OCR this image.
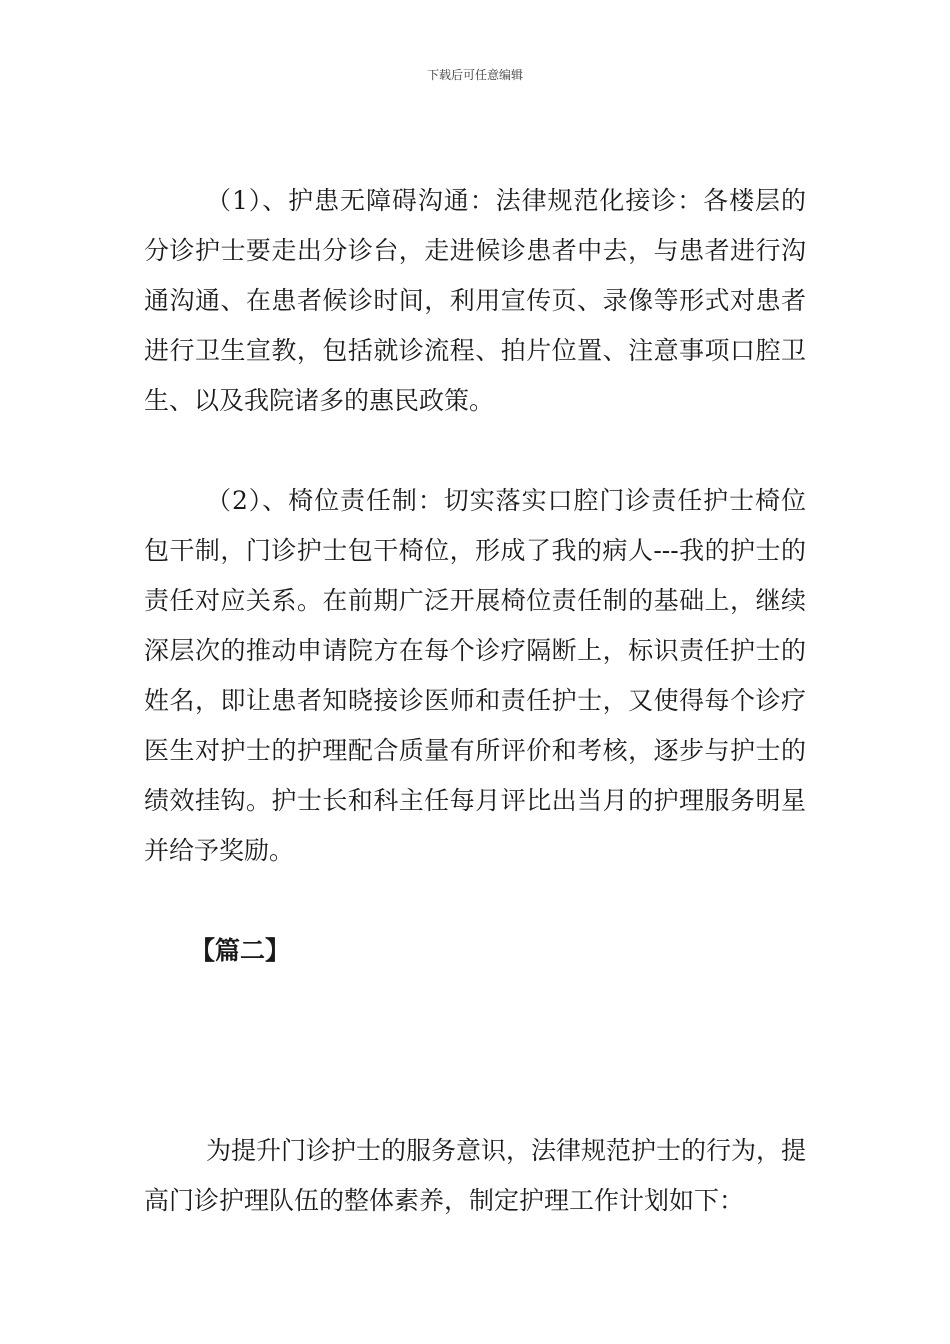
下载后可任意编辑

（1）、护患无障碍沟通：法律规范化接诊：各楼层的分诊护士要走出分诊台，走进候诊患者中去，与患者进行沟通沟通、在患者候诊时间，利用宣传页、录像等形式对患者进行卫生宣教，包括就诊流程、拍片位置、注意事项口腔卫生、以及我院诸多的惠民政策。

（2）、椅位责任制：切实落实口腔门诊责任护士椅位包干制，门诊护士包干椅位，形成了我的病人---我的护士的责任对应关系。在前期广泛开展椅位责任制的基础上，继续深层次的推动申请院方在每个诊疗隔断上，标识责任护士的姓名，即让患者知晓接诊医师和责任护士，又使得每个诊疗医生对护士的护理配合质量有所评价和考核，逐步与护士的绩效挂钩。护士长和科主任每月评比出当月的护理服务明星并给予奖励。

【篇二】

为提升门诊护士的服务意识，法律规范护士的行为，提高门诊护理队伍的整体素养，制定护理工作计划如下：
